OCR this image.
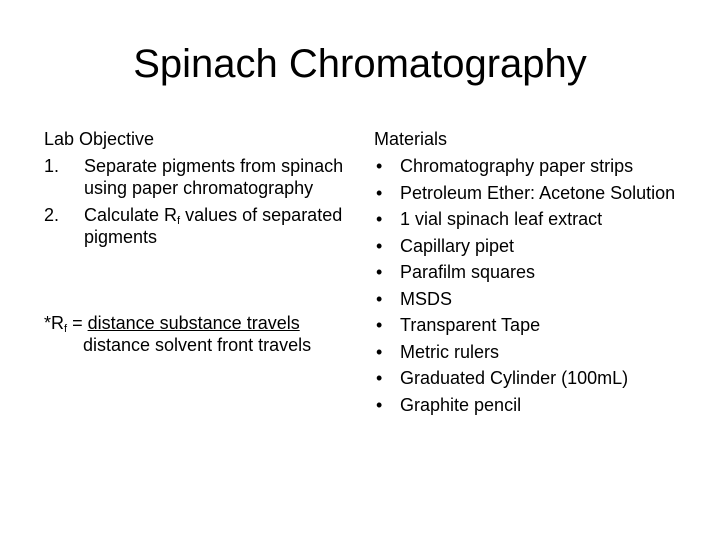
Spinach Chromatography
Lab Objective
1. Separate pigments from spinach using paper chromatography
2. Calculate $R_f$ values of separated pigments
$*R_f$ = distance substance travels
distance solvent front travels
Materials
• Chromatography paper strips
• Petroleum Ether: Acetone Solution
• 1 vial spinach leaf extract
• Capillary pipet
• Parafilm squares
• MSDS
• Transparent Tape
• Metric rulers
• Graduated Cylinder (100mL)
• Graphite pencil
